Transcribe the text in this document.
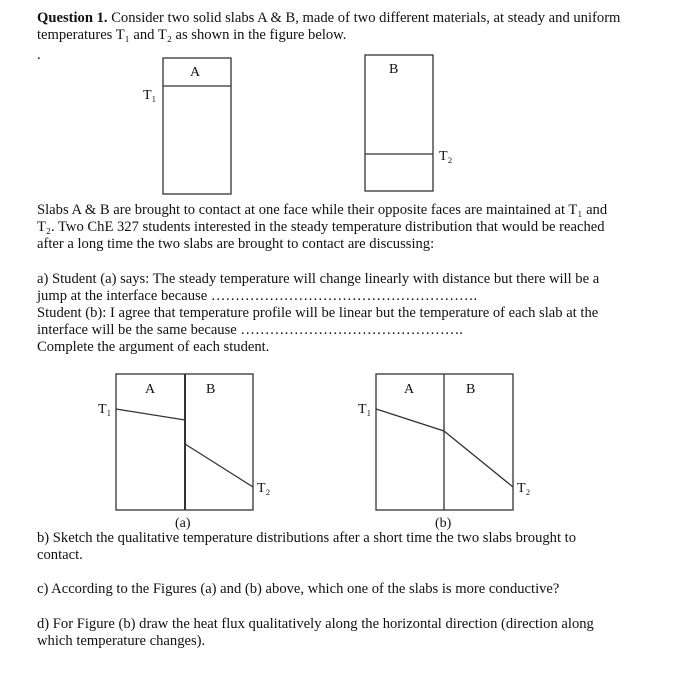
Question 1. Consider two solid slabs A & B, made of two different materials, at steady and uniform
temperatures T₁ and T₂ as shown in the figure below.
.
A
T₁
B
T₂
A	B
T₁
T₂
(a)
A	B
T₁
T₂
(b)
Slabs A & B are brought to contact at one face while their opposite faces are maintained at T₁ and
T₂. Two ChE 327 students interested in the steady temperature distribution that would be reached
after a long time the two slabs are brought to contact are discussing:
a) Student (a) says: The steady temperature will change linearly with distance but there will be a
jump at the interface because ……………………………………………….
Student (b): I agree that temperature profile will be linear but the temperature of each slab at the
interface will be the same because ……………………………………….
Complete the argument of each student.
b) Sketch the qualitative temperature distributions after a short time the two slabs brought to
contact.
c) According to the Figures (a) and (b) above, which one of the slabs is more conductive?
d) For Figure (b) draw the heat flux qualitatively along the horizontal direction (direction along
which temperature changes).
